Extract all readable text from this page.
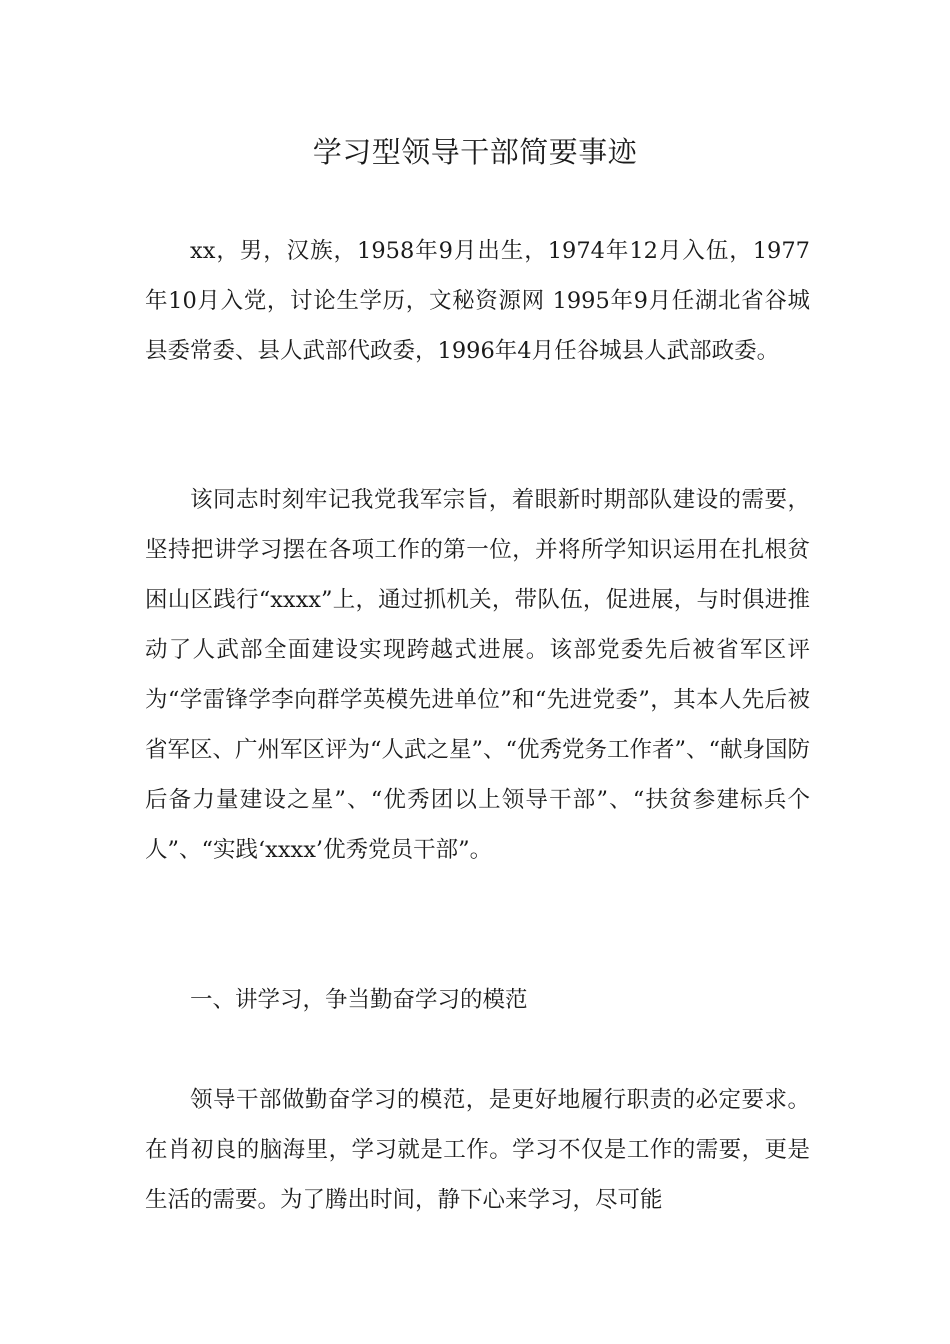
学习型领导干部简要事迹

xx，男，汉族，1958年9月出生，1974年12月入伍，1977年10月入党，讨论生学历，文秘资源网 1995年9月任湖北省谷城县委常委、县人武部代政委，1996年4月任谷城县人武部政委。

该同志时刻牢记我党我军宗旨，着眼新时期部队建设的需要，坚持把讲学习摆在各项工作的第一位，并将所学知识运用在扎根贫困山区践行“xxxx”上，通过抓机关，带队伍，促进展，与时俱进推动了人武部全面建设实现跨越式进展。该部党委先后被省军区评为“学雷锋学李向群学英模先进单位”和“先进党委”，其本人先后被省军区、广州军区评为“人武之星”、“优秀党务工作者”、“献身国防后备力量建设之星”、“优秀团以上领导干部”、“扶贫参建标兵个人”、“实践‘xxxx’优秀党员干部”。

一、讲学习，争当勤奋学习的模范

领导干部做勤奋学习的模范，是更好地履行职责的必定要求。在肖初良的脑海里，学习就是工作。学习不仅是工作的需要，更是生活的需要。为了腾出时间，静下心来学习，尽可能
